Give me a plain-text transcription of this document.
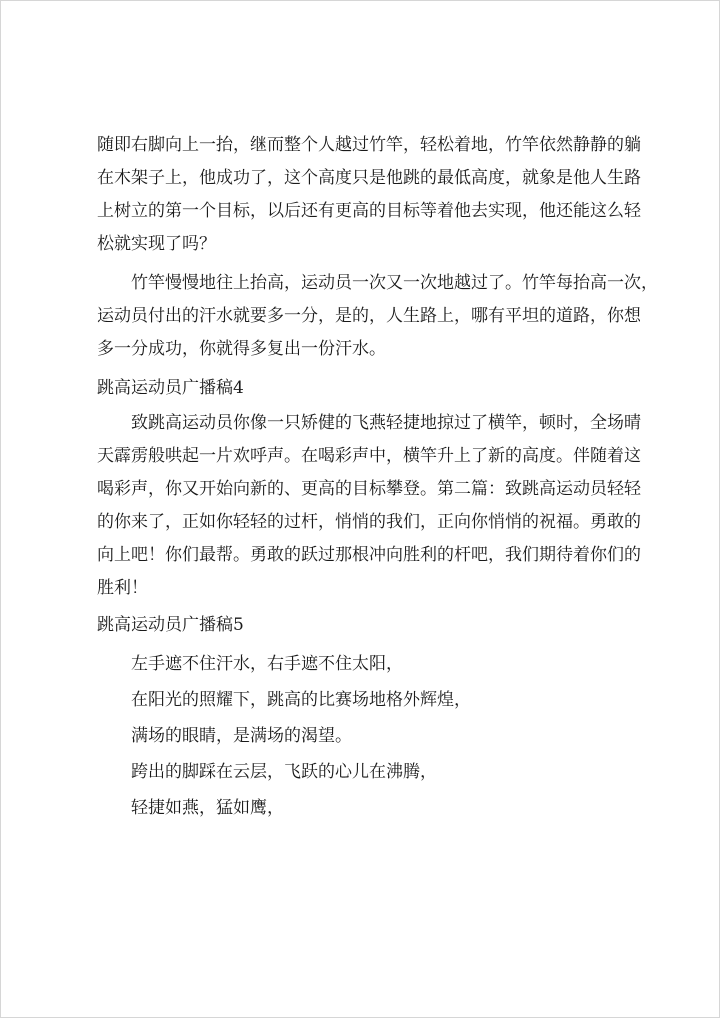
随即右脚向上一抬，继而整个人越过竹竿，轻松着地，竹竿依然静静的躺
在木架子上，他成功了，这个高度只是他跳的最低高度，就象是他人生路
上树立的第一个目标，以后还有更高的目标等着他去实现，他还能这么轻
松就实现了吗？
竹竿慢慢地往上抬高，运动员一次又一次地越过了。竹竿每抬高一次，
运动员付出的汗水就要多一分，是的，人生路上，哪有平坦的道路，你想
多一分成功，你就得多复出一份汗水。
跳高运动员广播稿4
致跳高运动员你像一只矫健的飞燕轻捷地掠过了横竿，顿时，全场晴
天霹雳般哄起一片欢呼声。在喝彩声中，横竿升上了新的高度。伴随着这
喝彩声，你又开始向新的、更高的目标攀登。第二篇：致跳高运动员轻轻
的你来了，正如你轻轻的过杆，悄悄的我们，正向你悄悄的祝福。勇敢的
向上吧！你们最帮。勇敢的跃过那根冲向胜利的杆吧，我们期待着你们的
胜利！
跳高运动员广播稿5
左手遮不住汗水，右手遮不住太阳，
在阳光的照耀下，跳高的比赛场地格外辉煌，
满场的眼睛，是满场的渴望。
跨出的脚踩在云层，飞跃的心儿在沸腾，
轻捷如燕，猛如鹰，
